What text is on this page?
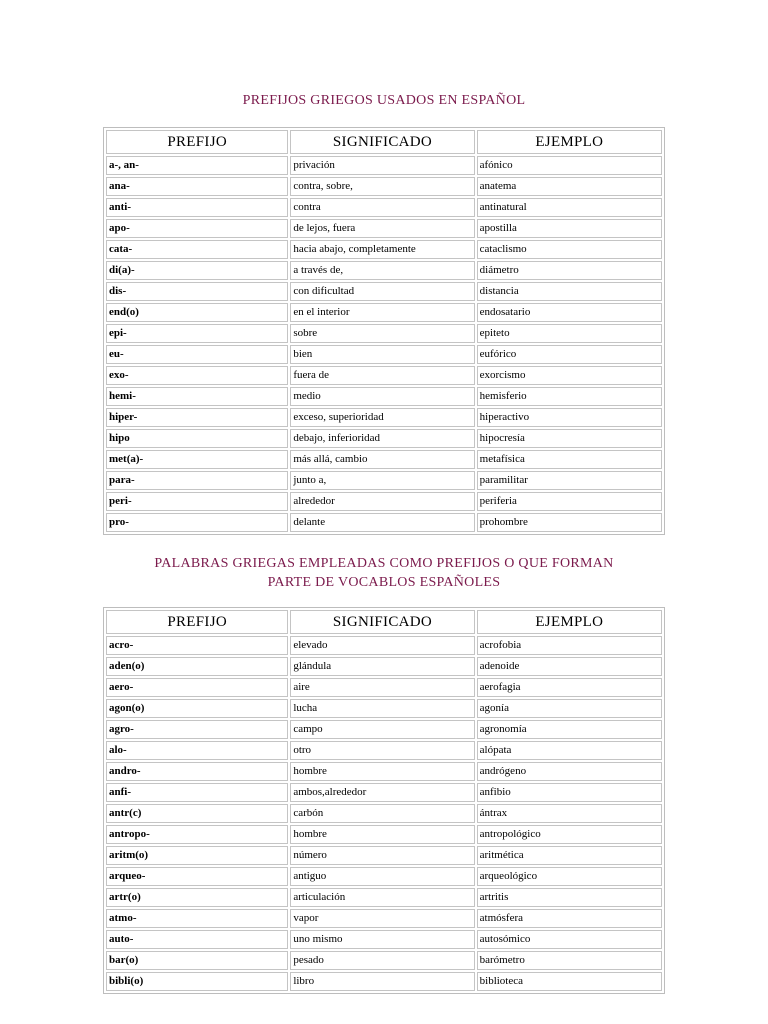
PREFIJOS GRIEGOS USADOS EN ESPAÑOL
PREFIJO	SIGNIFICADO	EJEMPLO
a-, an-	privación	afónico
ana-	contra, sobre,	anatema
anti-	contra	antinatural
apo-	de lejos, fuera	apostilla
cata-	hacia abajo, completamente	cataclismo
di(a)-	a través de,	diámetro
dis-	con dificultad	distancia
end(o)	en el interior	endosatario
epi-	sobre	epiteto
eu-	bien	eufórico
exo-	fuera de	exorcismo
hemi-	medio	hemisferio
hiper-	exceso, superioridad	hiperactivo
hipo	debajo, inferioridad	hipocresía
met(a)-	más allá, cambio	metafísica
para-	junto a,	paramilitar
peri-	alrededor	periferia
pro-	delante	prohombre
PALABRAS GRIEGAS EMPLEADAS COMO PREFIJOS O QUE FORMAN
PARTE DE VOCABLOS ESPAÑOLES
PREFIJO	SIGNIFICADO	EJEMPLO
acro-	elevado	acrofobia
aden(o)	glándula	adenoide
aero-	aire	aerofagia
agon(o)	lucha	agonía
agro-	campo	agronomía
alo-	otro	alópata
andro-	hombre	andrógeno
anfi-	ambos,alrededor	anfibio
antr(c)	carbón	ántrax
antropo-	hombre	antropológico
aritm(o)	número	aritmética
arqueo-	antiguo	arqueológico
artr(o)	articulación	artritis
atmo-	vapor	atmósfera
auto-	uno mismo	autosómico
bar(o)	pesado	barómetro
bibli(o)	libro	biblioteca
